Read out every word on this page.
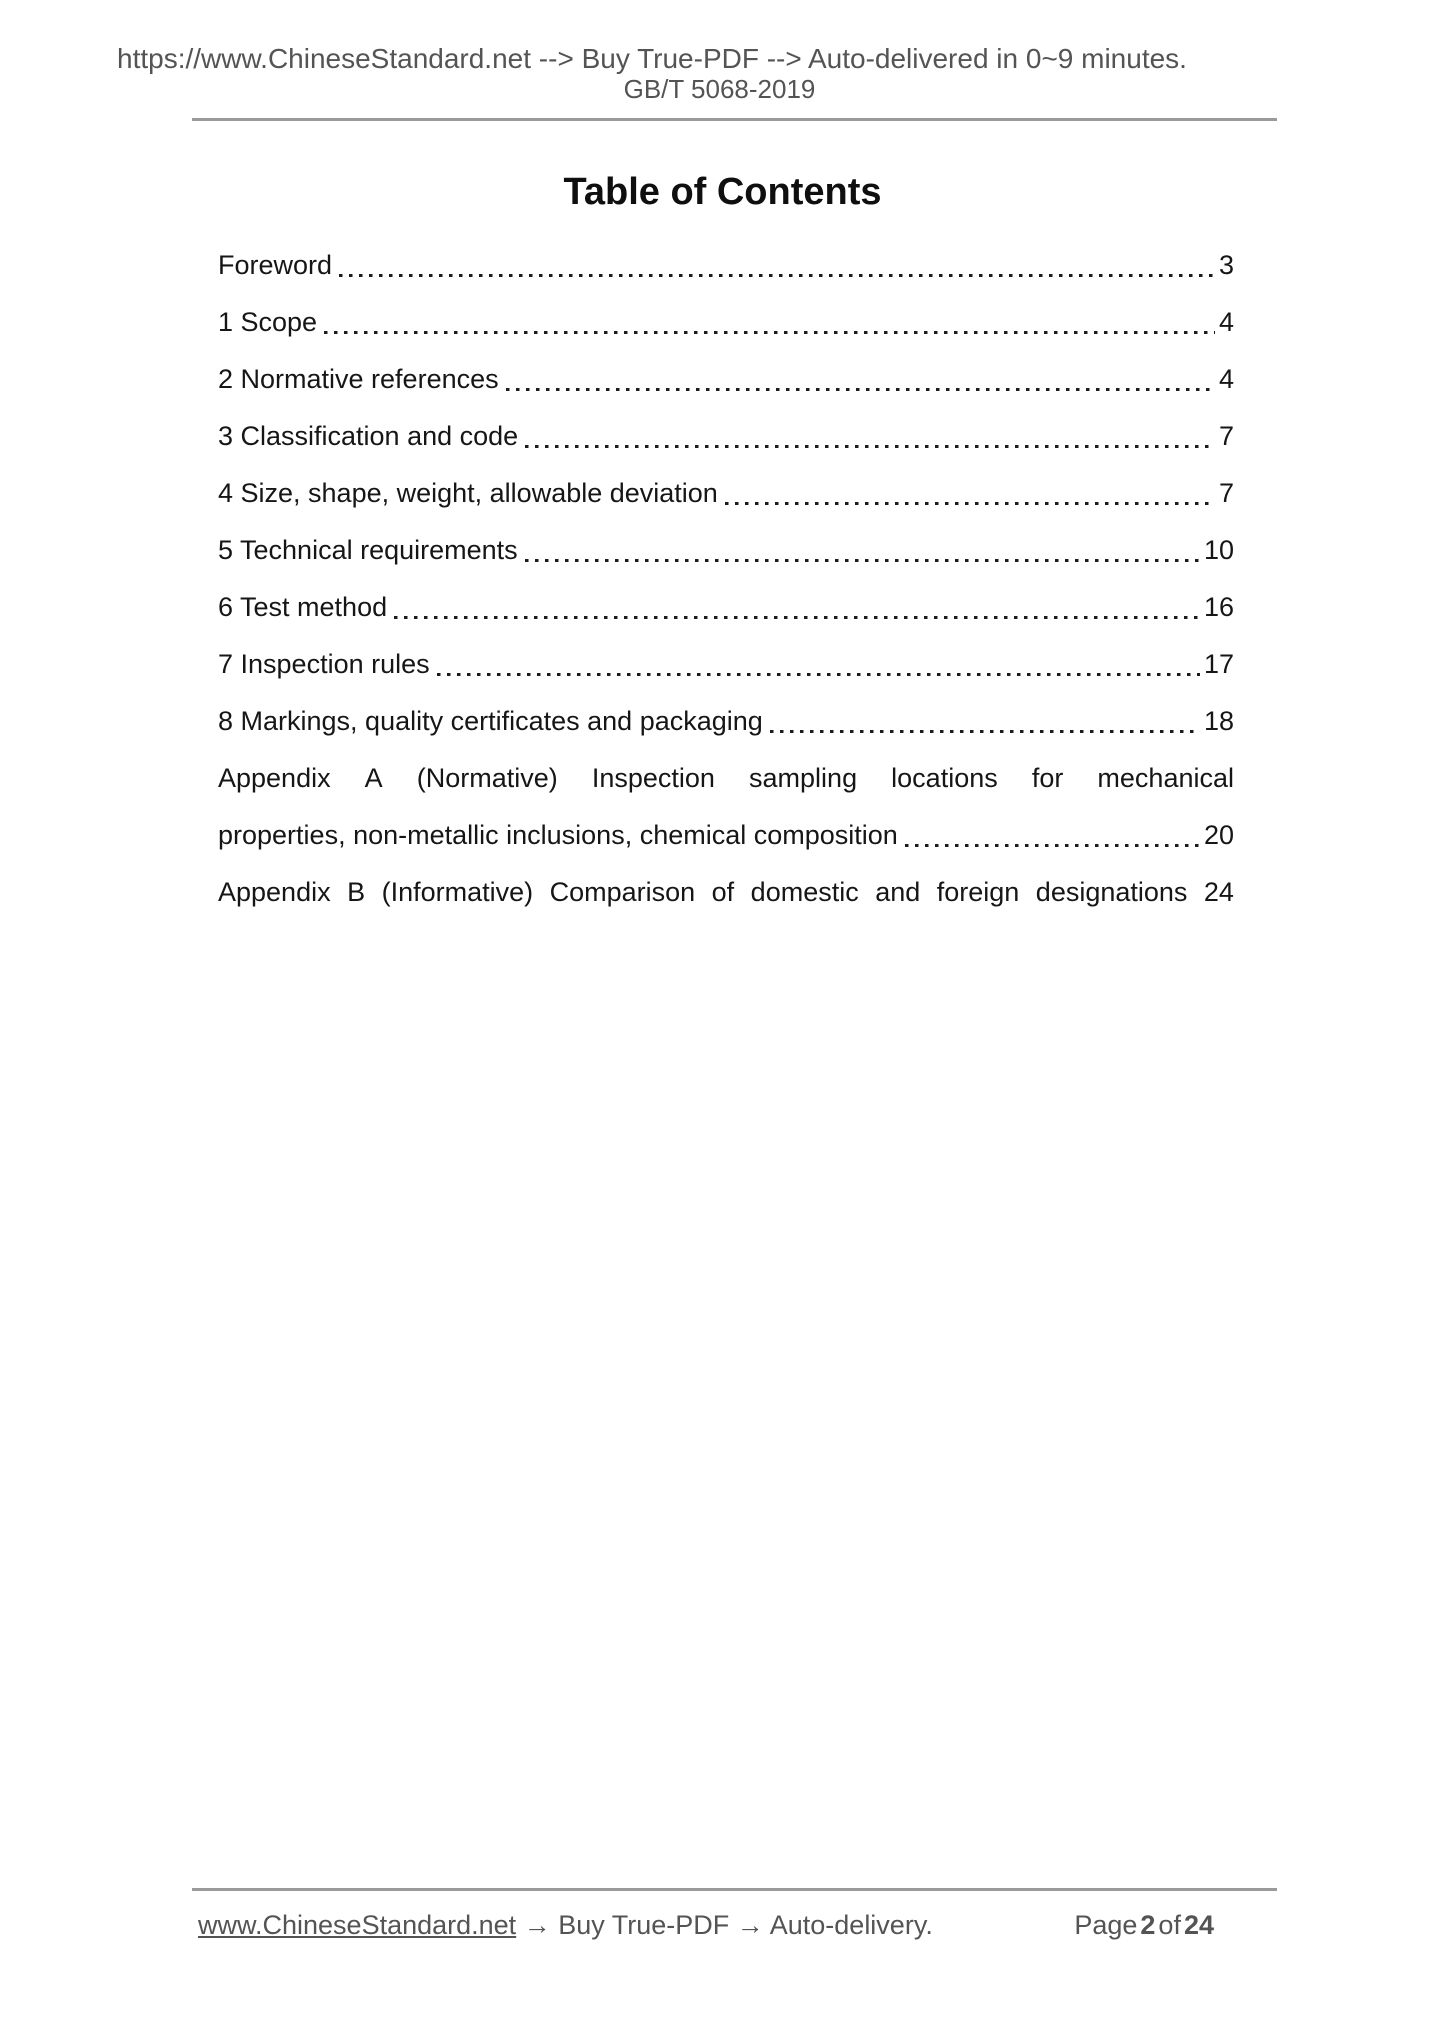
https://www.ChineseStandard.net --> Buy True-PDF --> Auto-delivered in 0~9 minutes.
GB/T 5068-2019
Table of Contents
Foreword	3
1 Scope	4
2 Normative references	4
3 Classification and code	7
4 Size, shape, weight, allowable deviation	7
5 Technical requirements	10
6 Test method	16
7 Inspection rules	17
8 Markings, quality certificates and packaging	18
Appendix A (Normative) Inspection sampling locations for mechanical
properties, non-metallic inclusions, chemical composition	20
Appendix B (Informative) Comparison of domestic and foreign designations 24
www.ChineseStandard.net → Buy True-PDF → Auto-delivery.	Page 2 of 24
